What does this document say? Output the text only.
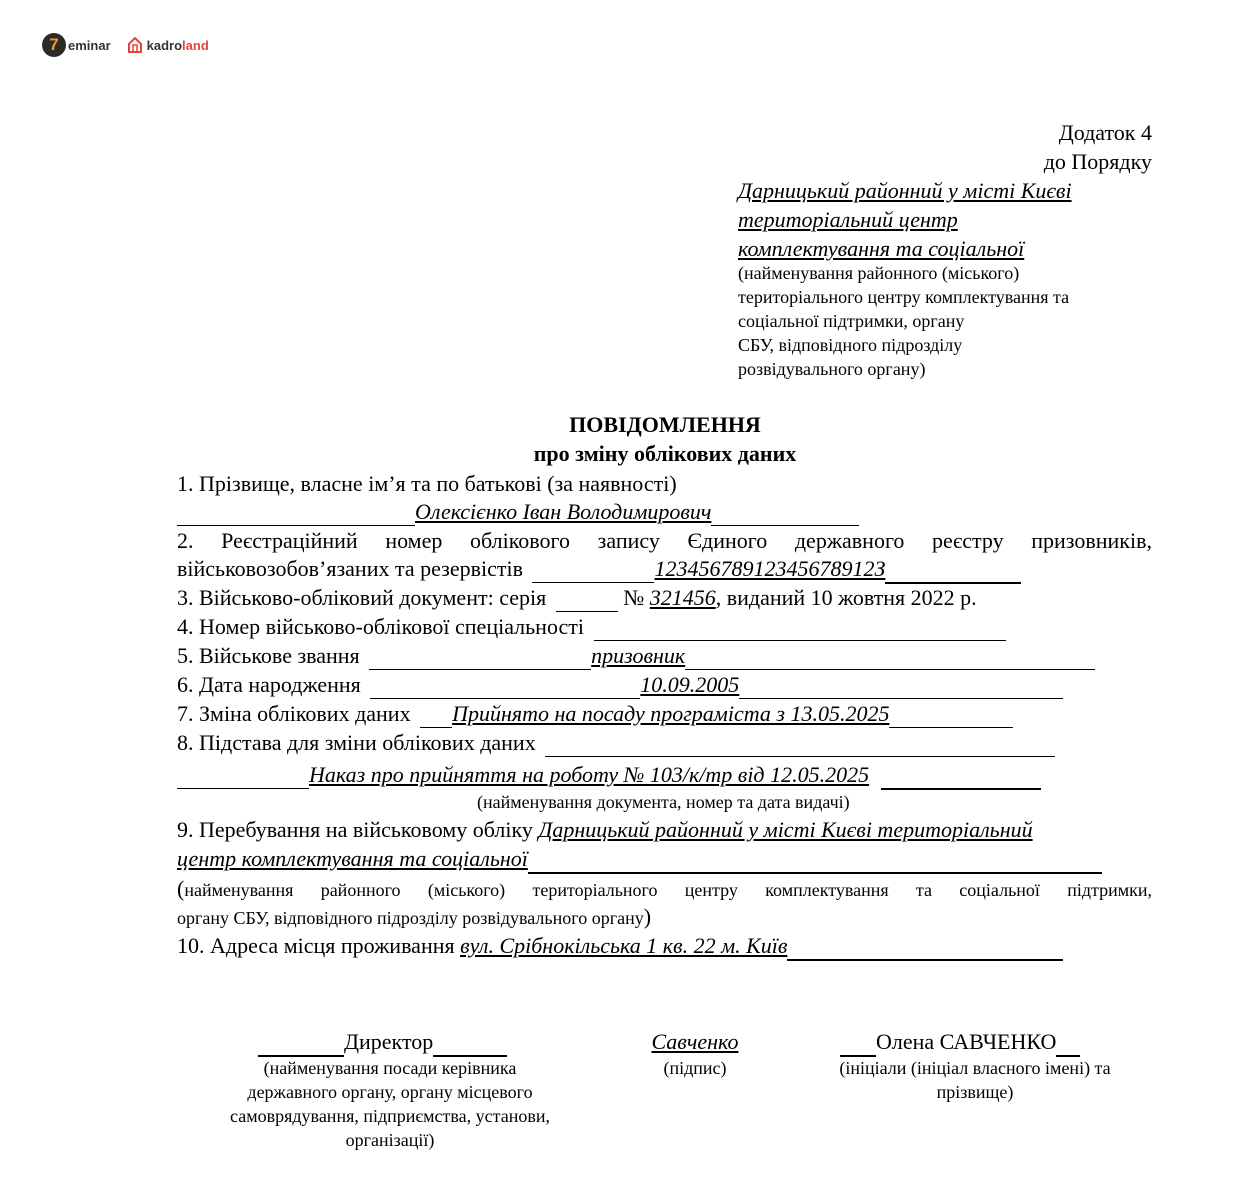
7 eminar	kadroland
Додаток 4
до Порядку
Дарницький районний у місті Києві
територіальний центр
комплектування та соціальної
(найменування районного (міського)
територіального центру комплектування та
соціальної підтримки, органу
СБУ, відповідного підрозділу
розвідувального органу)
ПОВІДОМЛЕННЯ
про зміну облікових даних
1. Прізвище, власне ім’я та по батькові (за наявності)
Олексієнко Іван Володимирович
2. Реєстраційний номер облікового запису Єдиного державного реєстру призовників,
військовозобов’язаних та резервістів	12345678912345678912З
3. Військово-обліковий документ: серія	№ 321456, виданий 10 жовтня 2022 р.
4. Номер військово-облікової спеціальності
5. Військове звання	призовник
6. Дата народження	10.09.2005
7. Зміна облікових даних Прийнято на посаду програміста з 13.05.2025
8. Підстава для зміни облікових даних
Наказ про прийняття на роботу № 103/к/тр від 12.05.2025
(найменування документа, номер та дата видачі)
9. Перебування на військовому обліку Дарницький районний у місті Києві територіальний
центр комплектування та соціальної
(найменування районного (міського) територіального центру комплектування та соціальної підтримки,
органу СБУ, відповідного підрозділу розвідувального органу)
10. Адреса місця проживання вул. Срібнокільська 1 кв. 22 м. Київ
Директор
(найменування посади керівника
державного органу, органу місцевого
самоврядування, підприємства, установи,
організації)
Савченко
(підпис)
Олена САВЧЕНКО
(ініціали (ініціал власного імені) та
прізвище)
